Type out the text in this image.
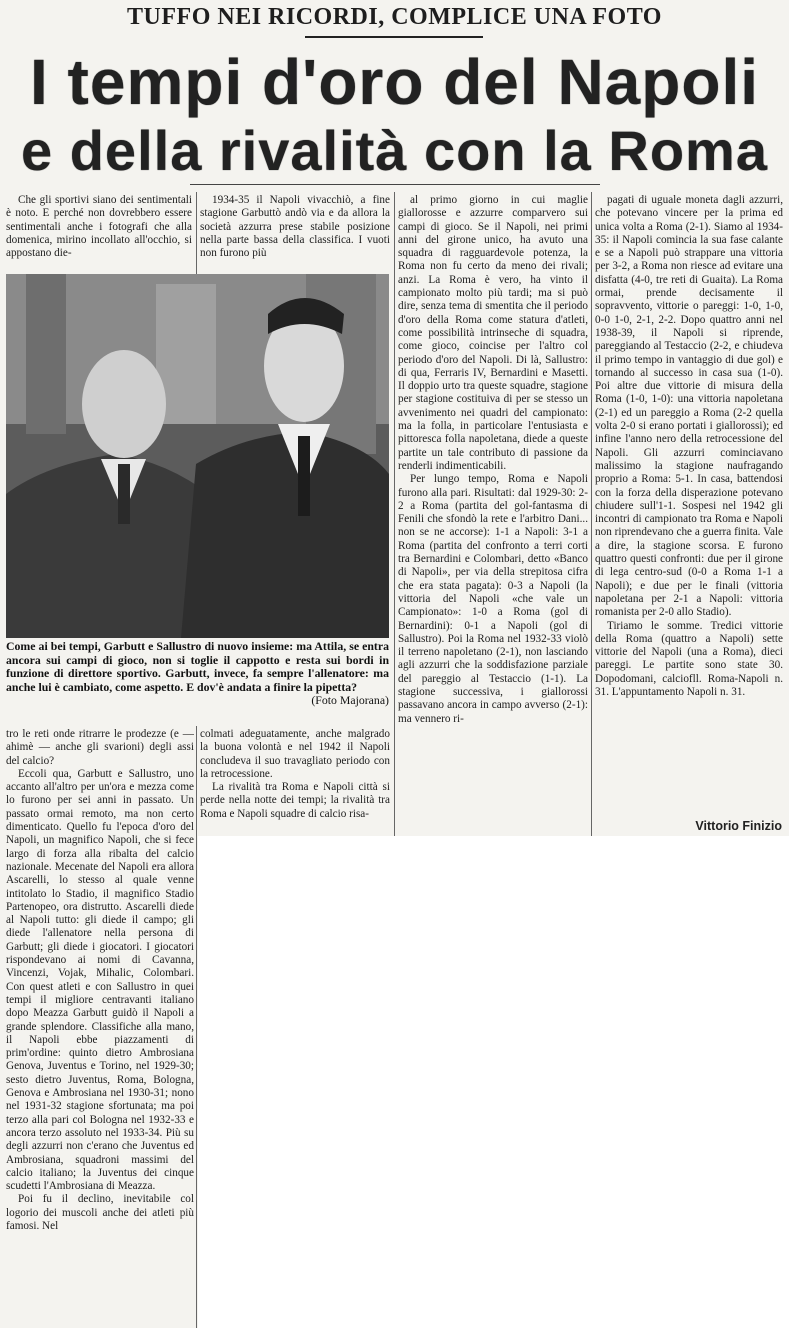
TUFFO NEI RICORDI, COMPLICE UNA FOTO
I tempi d'oro del Napoli
e della rivalità con la Roma

Che gli sportivi siano dei sentimentali è noto. E perché non dovrebbero essere sentimentali anche i fotografi che alla domenica, mirino incollato all'occhio, si appostano die-

1934-35 il Napoli vivacchiò, a fine stagione Garbuttò andò via e da allora la società azzurra prese stabile posizione nella parte bassa della classifica. I vuoti non furono più

al primo giorno in cui maglie giallorosse e azzurre comparvero sui campi di gioco. Se il Napoli, nei primi anni del girone unico, ha avuto una squadra di ragguardevole potenza, la Roma non fu certo da meno dei rivali; anzi. La Roma è vero, ha vinto il campionato molto più tardi; ma si può dire, senza tema di smentita che il periodo d'oro della Roma come statura d'atleti, come possibilità intrinseche di squadra, come gioco, coincise per l'altro col periodo d'oro del Napoli. Di là, Sallustro: di qua, Ferraris IV, Bernardini e Masetti. Il doppio urto tra queste squadre, stagione per stagione costituiva di per se stesso un avvenimento nei quadri del campionato: ma la folla, in particolare l'entusiasta e pittoresca folla napoletana, diede a queste partite un tale contributo di passione da renderli indimenticabili.

Per lungo tempo, Roma e Napoli furono alla pari. Risultati: dal 1929-30: 2-2 a Roma (partita del gol-fantasma di Fenili che sfondò la rete e l'arbitro Dani... non se ne accorse): 1-1 a Napoli: 3-1 a Roma (partita del confronto a terri corti tra Bernardini e Colombari, detto «Banco di Napoli», per via della strepitosa cifra che era stata pagata): 0-3 a Napoli (la vittoria del Napoli «che vale un Campionato»: 1-0 a Roma (gol di Bernardini): 0-1 a Napoli (gol di Sallustro). Poi la Roma nel 1932-33 violò il terreno napoletano (2-1), non lasciando agli azzurri che la soddisfazione parziale del pareggio al Testaccio (1-1). La stagione successiva, i giallorossi passavano ancora in campo avverso (2-1): ma vennero ri-

pagati di uguale moneta dagli azzurri, che potevano vincere per la prima ed unica volta a Roma (2-1). Siamo al 1934-35: il Napoli comincia la sua fase calante e se a Napoli può strappare una vittoria per 3-2, a Roma non riesce ad evitare una disfatta (4-0, tre reti di Guaita). La Roma ormai, prende decisamente il sopravvento, vittorie o pareggi: 1-0, 1-0, 0-0 1-0, 2-1, 2-2. Dopo quattro anni nel 1938-39, il Napoli si riprende, pareggiando al Testaccio (2-2, e chiudeva il primo tempo in vantaggio di due gol) e tornando al successo in casa sua (1-0). Poi altre due vittorie di misura della Roma (1-0, 1-0): una vittoria napoletana (2-1) ed un pareggio a Roma (2-2 quella volta 2-0 si erano portati i giallorossi); ed infine l'anno nero della retrocessione del Napoli. Gli azzurri cominciavano malissimo la stagione naufragando proprio a Roma: 5-1. In casa, battendosi con la forza della disperazione potevano chiudere sull'1-1. Sospesi nel 1942 gli incontri di campionato tra Roma e Napoli non riprendevano che a guerra finita. Vale a dire, la stagione scorsa. E furono quattro questi confronti: due per il girone di lega centro-sud (0-0 a Roma 1-1 a Napoli); e due per le finali (vittoria napoletana per 2-1 a Napoli: vittoria romanista per 2-0 allo Stadio).

Tiriamo le somme. Tredici vittorie della Roma (quattro a Napoli) sette vittorie del Napoli (una a Roma), dieci pareggi. Le partite sono state 30. Dopodomani, calciofll. Roma-Napoli n. 31. L'appuntamento Napoli n. 31.

Vittorio Finizio
Come ai bei tempi, Garbutt e Sallustro di nuovo insieme: ma Attila, se entra ancora sui campi di gioco, non si toglie il cappotto e resta sui bordi in funzione di direttore sportivo. Garbutt, invece, fa sempre l'allenatore: ma anche lui è cambiato, come aspetto. E dov'è andata a finire la pipetta?
(Foto Majorana)

tro le reti onde ritrarre le prodezze (e — ahimè — anche gli svarioni) degli assi del calcio?

Eccoli qua, Garbutt e Sallustro, uno accanto all'altro per un'ora e mezza come lo furono per sei anni in passato. Un passato ormai remoto, ma non certo dimenticato. Quello fu l'epoca d'oro del Napoli, un magnifico Napoli, che si fece largo di forza alla ribalta del calcio nazionale. Mecenate del Napoli era allora Ascarelli, lo stesso al quale venne intitolato lo Stadio, il magnifico Stadio Partenopeo, ora distrutto. Ascarelli diede al Napoli tutto: gli diede il campo; gli diede l'allenatore nella persona di Garbutt; gli diede i giocatori. I giocatori rispondevano ai nomi di Cavanna, Vincenzi, Vojak, Mihalic, Colombari. Con quest atleti e con Sallustro in quei tempi il migliore centravanti italiano dopo Meazza Garbutt guidò il Napoli a grande splendore. Classifiche alla mano, il Napoli ebbe piazzamenti di prim'ordine: quinto dietro Ambrosiana Genova, Juventus e Torino, nel 1929-30; sesto dietro Juventus, Roma, Bologna, Genova e Ambrosiana nel 1930-31; nono nel 1931-32 stagione sfortunata; ma poi terzo alla pari col Bologna nel 1932-33 e ancora terzo assoluto nel 1933-34. Più su degli azzurri non c'erano che Juventus ed Ambrosiana, squadroni massimi del calcio italiano; la Juventus dei cinque scudetti l'Ambrosiana di Meazza.

Poi fu il declino, inevitabile col logorio dei muscoli anche dei atleti più famosi. Nel

colmati adeguatamente, anche malgrado la buona volontà e nel 1942 il Napoli concludeva il suo travagliato periodo con la retrocessione.

La rivalità tra Roma e Napoli città si perde nella notte dei tempi; la rivalità tra Roma e Napoli squadre di calcio risa-
